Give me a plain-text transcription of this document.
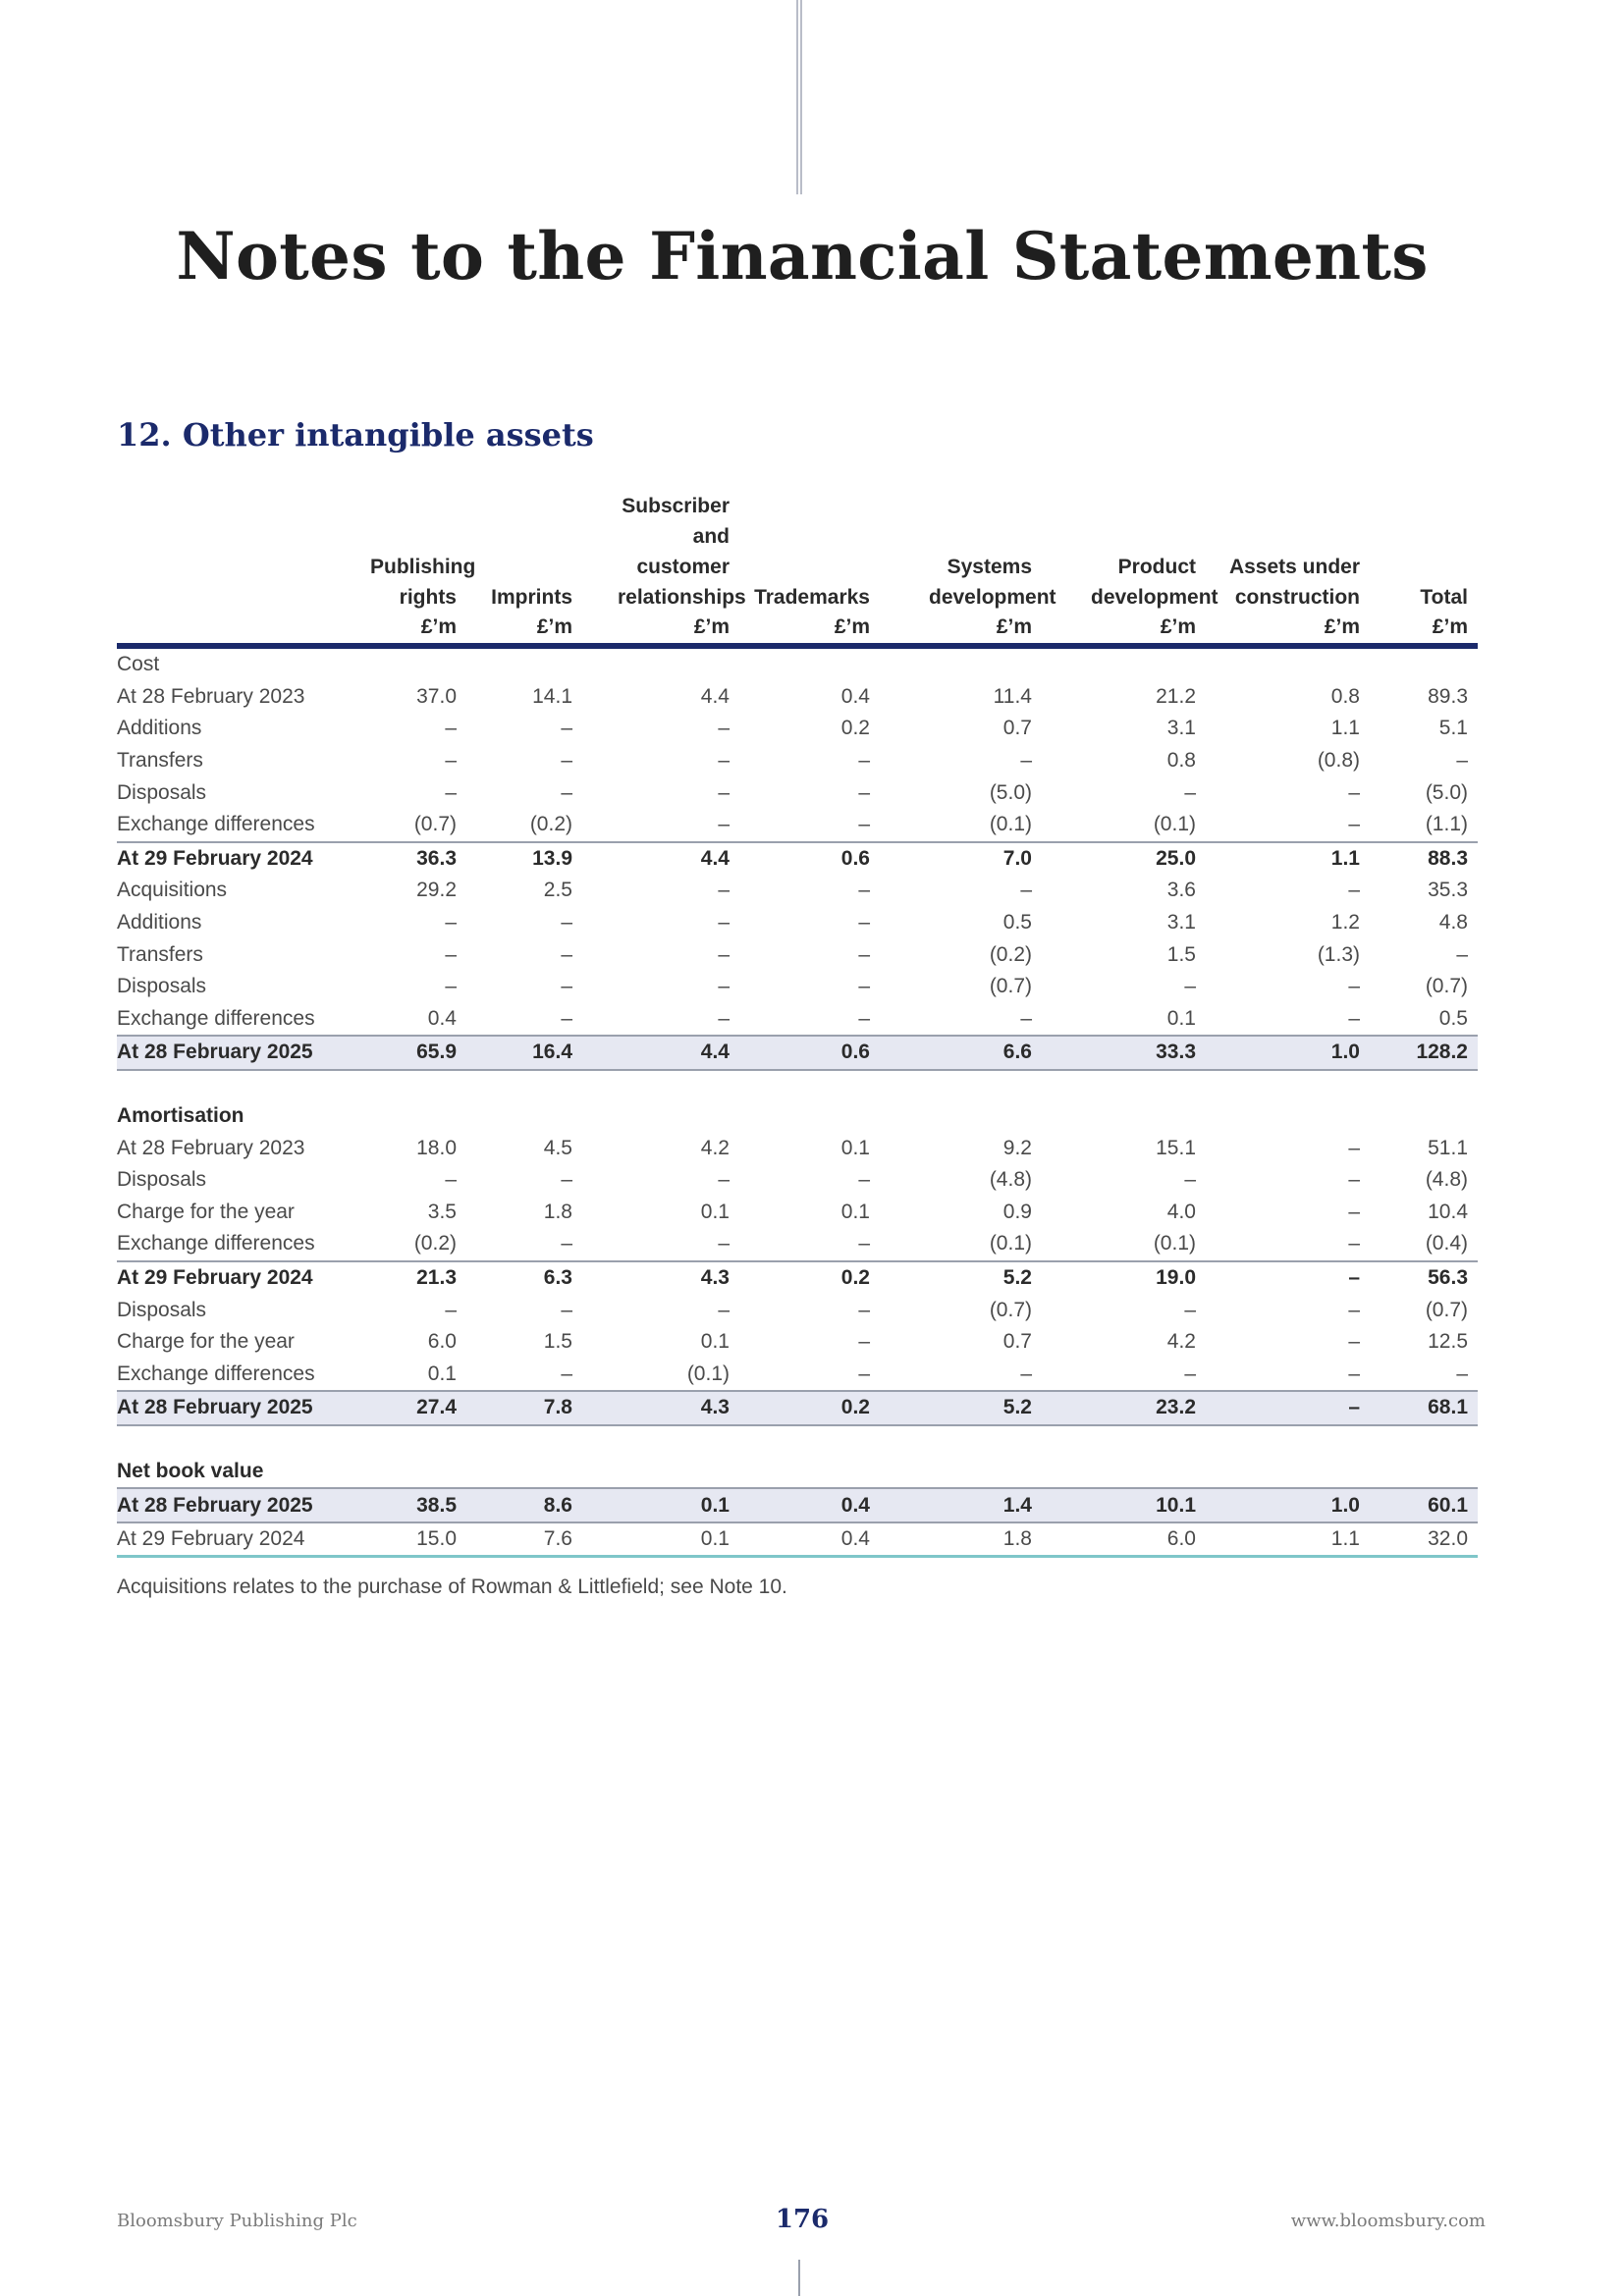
Notes to the Financial Statements
12. Other intangible assets
	Publishing rights £’m	Imprints £’m	Subscriber and customer relationships £’m	Trademarks £’m	Systems development £’m	Product development £’m	Assets under construction £’m	Total £’m
Cost								
At 28 February 2023	37.0	14.1	4.4	0.4	11.4	21.2	0.8	89.3
Additions	–	–	–	0.2	0.7	3.1	1.1	5.1
Transfers	–	–	–	–	–	0.8	(0.8)	–
Disposals	–	–	–	–	(5.0)	–	–	(5.0)
Exchange differences	(0.7)	(0.2)	–	–	(0.1)	(0.1)	–	(1.1)
At 29 February 2024	36.3	13.9	4.4	0.6	7.0	25.0	1.1	88.3
Acquisitions	29.2	2.5	–	–	–	3.6	–	35.3
Additions	–	–	–	–	0.5	3.1	1.2	4.8
Transfers	–	–	–	–	(0.2)	1.5	(1.3)	–
Disposals	–	–	–	–	(0.7)	–	–	(0.7)
Exchange differences	0.4	–	–	–	–	0.1	–	0.5
At 28 February 2025	65.9	16.4	4.4	0.6	6.6	33.3	1.0	128.2

Amortisation								
At 28 February 2023	18.0	4.5	4.2	0.1	9.2	15.1	–	51.1
Disposals	–	–	–	–	(4.8)	–	–	(4.8)
Charge for the year	3.5	1.8	0.1	0.1	0.9	4.0	–	10.4
Exchange differences	(0.2)	–	–	–	(0.1)	(0.1)	–	(0.4)
At 29 February 2024	21.3	6.3	4.3	0.2	5.2	19.0	–	56.3
Disposals	–	–	–	–	(0.7)	–	–	(0.7)
Charge for the year	6.0	1.5	0.1	–	0.7	4.2	–	12.5
Exchange differences	0.1	–	(0.1)	–	–	–	–	–
At 28 February 2025	27.4	7.8	4.3	0.2	5.2	23.2	–	68.1

Net book value								
At 28 February 2025	38.5	8.6	0.1	0.4	1.4	10.1	1.0	60.1
At 29 February 2024	15.0	7.6	0.1	0.4	1.8	6.0	1.1	32.0

Acquisitions relates to the purchase of Rowman & Littlefield; see Note 10.

Bloomsbury Publishing Plc	176	www.bloomsbury.com
